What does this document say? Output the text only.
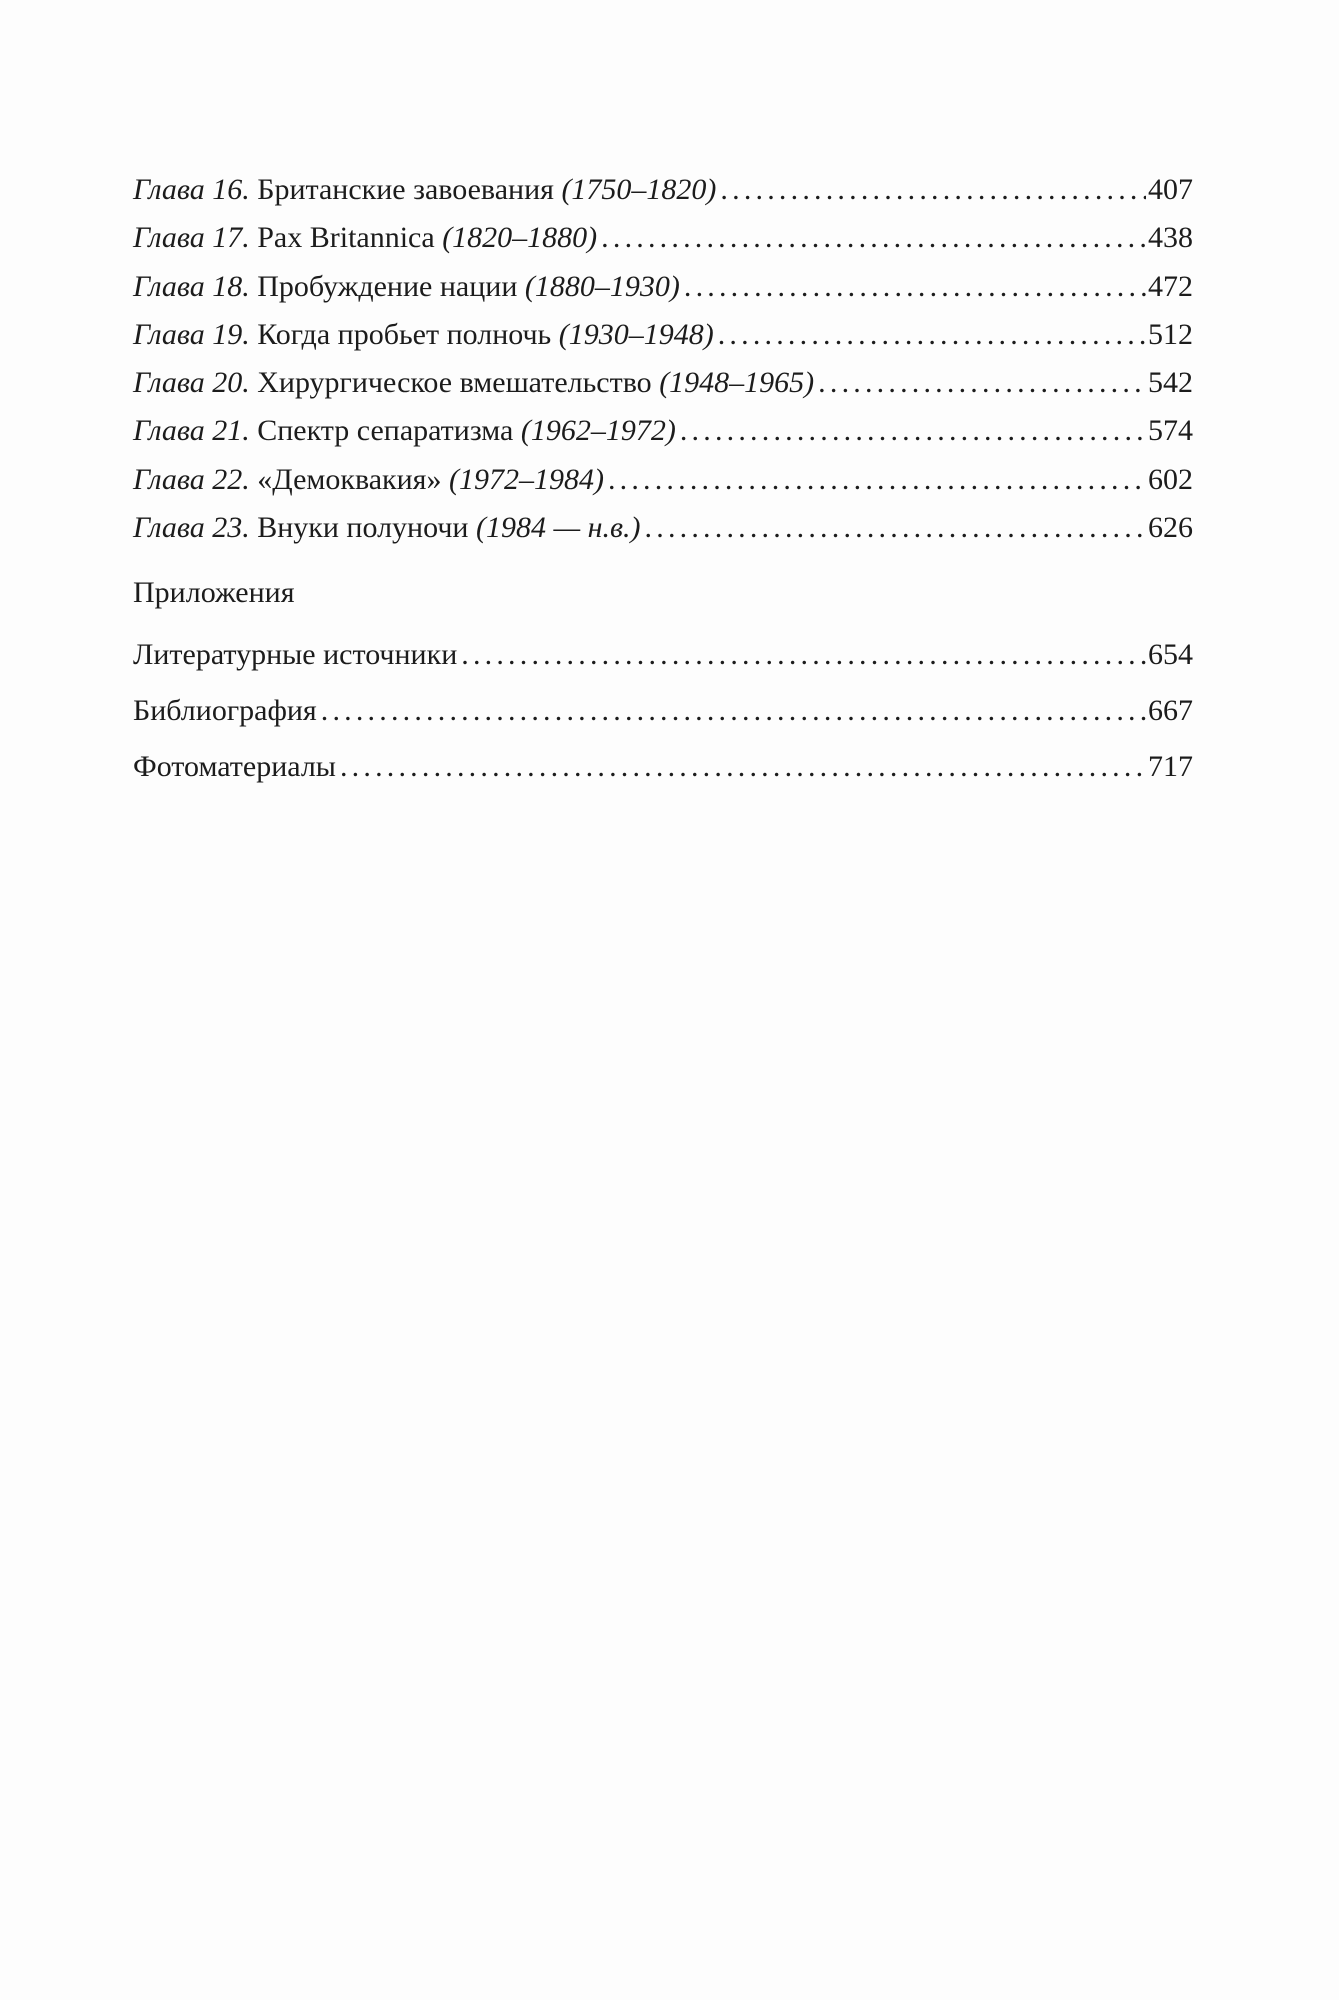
Глава 16. Британские завоевания (1750–1820) .....	407
Глава 17. Pax Britannica (1820–1880) .....	438
Глава 18. Пробуждение нации (1880–1930) .....	472
Глава 19. Когда пробьет полночь (1930–1948) .....	512
Глава 20. Хирургическое вмешательство (1948–1965) .....	542
Глава 21. Спектр сепаратизма (1962–1972) .....	574
Глава 22. «Демоквакия» (1972–1984) .....	602
Глава 23. Внуки полуночи (1984 — н.в.) .....	626
Приложения
Литературные источники .....	654
Библиография .....	667
Фотоматериалы .....	717
